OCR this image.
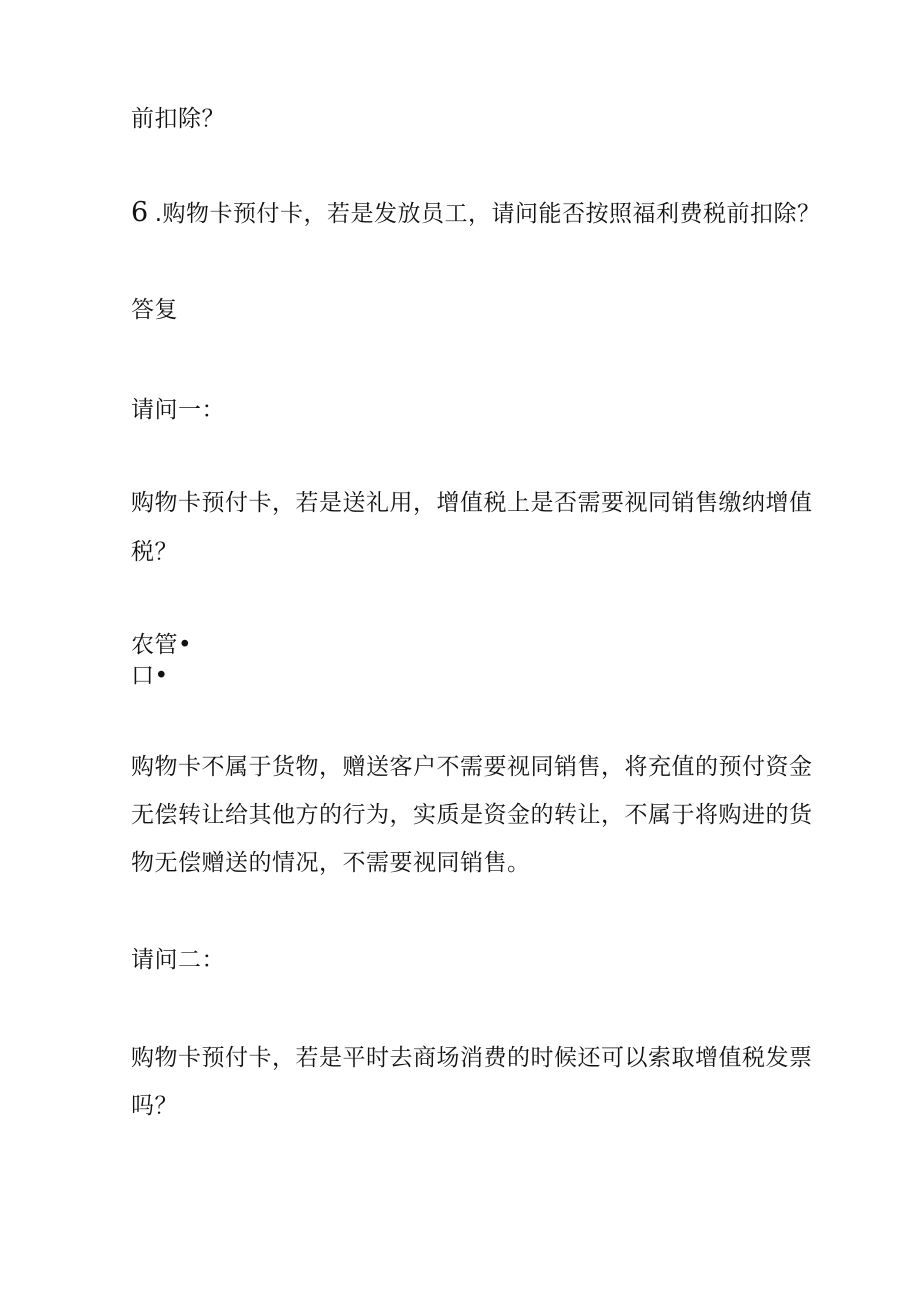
前扣除？
6 .购物卡预付卡，若是发放员工，请问能否按照福利费税前扣除？
答复
请问一：
购物卡预付卡，若是送礼用，增值税上是否需要视同销售缴纳增值
税？
农管•
口•
购物卡不属于货物，赠送客户不需要视同销售，将充值的预付资金
无偿转让给其他方的行为，实质是资金的转让，不属于将购进的货
物无偿赠送的情况，不需要视同销售。
请问二：
购物卡预付卡，若是平时去商场消费的时候还可以索取增值税发票
吗？
